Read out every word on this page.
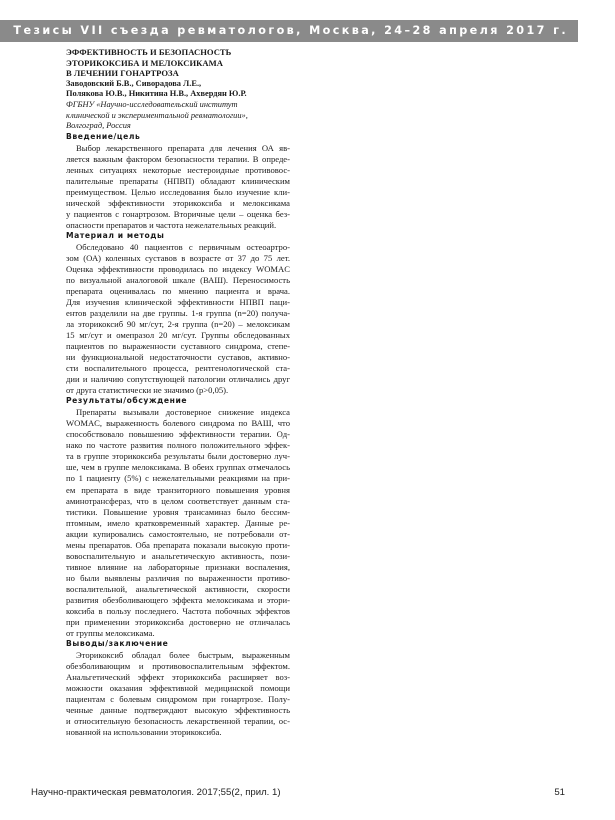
Тезисы VII съезда ревматологов, Москва, 24–28 апреля 2017 г.
ЭФФЕКТИВНОСТЬ И БЕЗОПАСНОСТЬ
ЭТОРИКОКСИБА И МЕЛОКСИКАМА
В ЛЕЧЕНИИ ГОНАРТРОЗА
Заводовский Б.В., Сиворадова Л.Е.,
Полякова Ю.В., Никитина Н.В., Ахвердян Ю.Р.
ФГБНУ «Научно-исследовательский институт
клинической и экспериментальной ревматологии»,
Волгоград, Россия
Введение/цель
Выбор лекарственного препарата для лечения ОА яв-
ляется важным фактором безопасности терапии. В опреде-
ленных ситуациях некоторые нестероидные противовос-
палительные препараты (НПВП) обладают клиническим
преимуществом. Целью исследования было изучение кли-
нической эффективности эторикоксиба и мелоксикама
у пациентов с гонартрозом. Вторичные цели – оценка без-
опасности препаратов и частота нежелательных реакций.
Материал и методы
Обследовано 40 пациентов с первичным остеоартро-
зом (ОА) коленных суставов в возрасте от 37 до 75 лет.
Оценка эффективности проводилась по индексу WOMAC
по визуальной аналоговой шкале (ВАШ). Переносимость
препарата оценивалась по мнению пациента и врача.
Для изучения клинической эффективности НПВП паци-
ентов разделили на две группы. 1-я группа (n=20) получа-
ла эторикоксиб 90 мг/сут, 2-я группа (n=20) – мелоксикам
15 мг/сут и омепразол 20 мг/сут. Группы обследованных
пациентов по выраженности суставного синдрома, степе-
ни функциональной недостаточности суставов, активно-
сти воспалительного процесса, рентгенологической ста-
дии и наличию сопутствующей патологии отличались друг
от друга статистически не значимо (p>0,05).
Результаты/обсуждение
Препараты вызывали достоверное снижение индекса
WOMAC, выраженность болевого синдрома по ВАШ, что
способствовало повышению эффективности терапии. Од-
нако по частоте развития полного положительного эффек-
та в группе эторикоксиба результаты были достоверно луч-
ше, чем в группе мелоксикама. В обеих группах отмечалось
по 1 пациенту (5%) с нежелательными реакциями на при-
ем препарата в виде транзиторного повышения уровня
аминотрансфераз, что в целом соответствует данным ста-
тистики. Повышение уровня трансаминаз было бессим-
птомным, имело кратковременный характер. Данные ре-
акции купировались самостоятельно, не потребовали от-
мены препаратов. Оба препарата показали высокую проти-
вовоспалительную и анальгетическую активность, пози-
тивное влияние на лабораторные признаки воспаления,
но были выявлены различия по выраженности противо-
воспалительной, анальгетической активности, скорости
развития обезболивающего эффекта мелоксикама и этори-
коксиба в пользу последнего. Частота побочных эффектов
при применении эторикоксиба достоверно не отличалась
от группы мелоксикама.
Выводы/заключение
Эторикоксиб обладал более быстрым, выраженным
обезболивающим и противовоспалительным эффектом.
Анальгетический эффект эторикоксиба расширяет воз-
можности оказания эффективной медицинской помощи
пациентам с болевым синдромом при гонартрозе. Полу-
ченные данные подтверждают высокую эффективность
и относительную безопасность лекарственной терапии, ос-
нованной на использовании эторикоксиба.
Научно-практическая ревматология. 2017;55(2, прил. 1)	51
